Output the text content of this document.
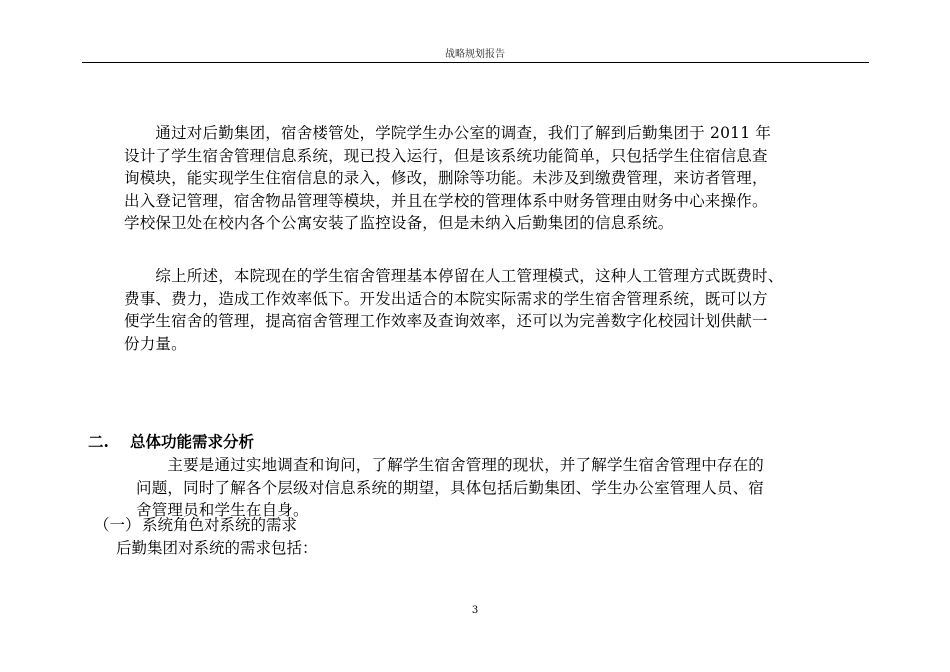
战略规划报告
　　通过对后勤集团，宿舍楼管处，学院学生办公室的调查，我们了解到后勤集团于 2011 年
设计了学生宿舍管理信息系统，现已投入运行，但是该系统功能简单，只包括学生住宿信息查
询模块，能实现学生住宿信息的录入，修改，删除等功能。未涉及到缴费管理，来访者管理，
出入登记管理，宿舍物品管理等模块，并且在学校的管理体系中财务管理由财务中心来操作。
学校保卫处在校内各个公寓安装了监控设备，但是未纳入后勤集团的信息系统。
　　综上所述，本院现在的学生宿舍管理基本停留在人工管理模式，这种人工管理方式既费时、
费事、费力，造成工作效率低下。开发出适合的本院实际需求的学生宿舍管理系统，既可以方
便学生宿舍的管理，提高宿舍管理工作效率及查询效率，还可以为完善数字化校园计划供献一
份力量。
二. 总体功能需求分析
　　主要是通过实地调查和询问，了解学生宿舍管理的现状，并了解学生宿舍管理中存在的
问题，同时了解各个层级对信息系统的期望，具体包括后勤集团、学生办公室管理人员、宿
舍管理员和学生在自身。
（一）系统角色对系统的需求
后勤集团对系统的需求包括：
3
